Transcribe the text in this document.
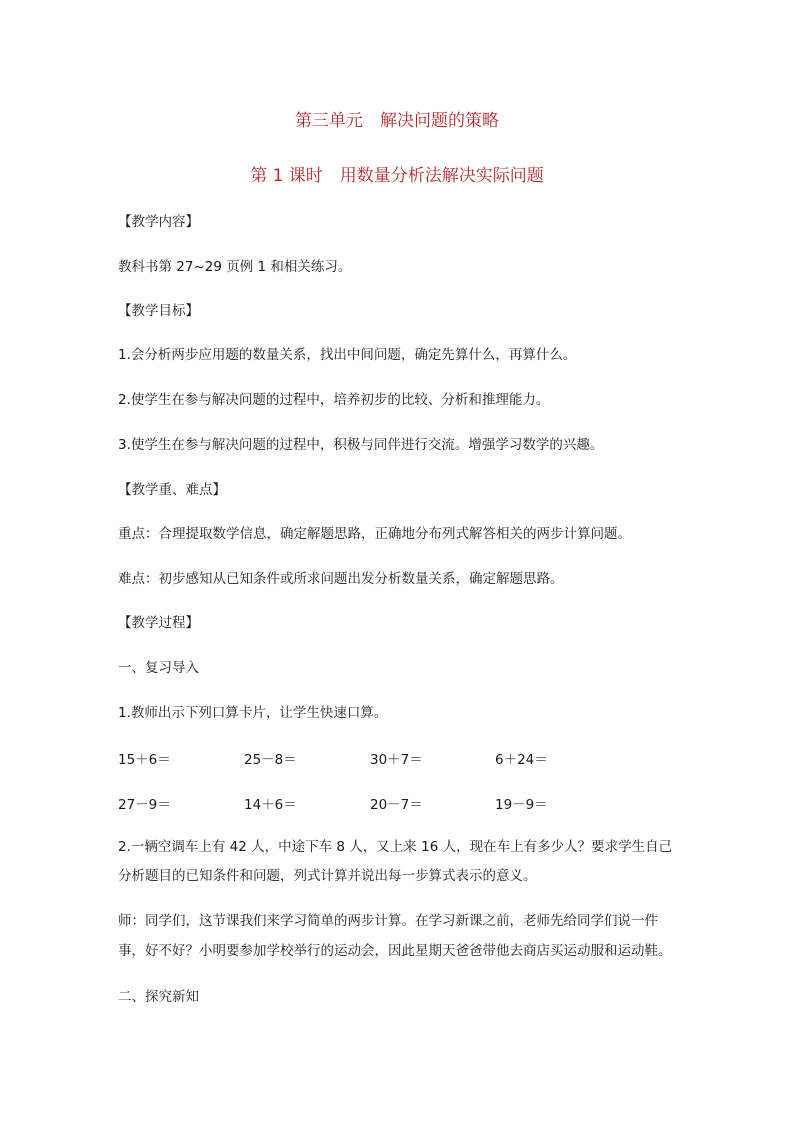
第三单元　解决问题的策略
第 1 课时　用数量分析法解决实际问题
【教学内容】
教科书第 27~29 页例 1 和相关练习。
【教学目标】
1.会分析两步应用题的数量关系，找出中间问题，确定先算什么，再算什么。
2.使学生在参与解决问题的过程中，培养初步的比较、分析和推理能力。
3.使学生在参与解决问题的过程中，积极与同伴进行交流。增强学习数学的兴趣。
【教学重、难点】
重点：合理提取数学信息，确定解题思路，正确地分布列式解答相关的两步计算问题。
难点：初步感知从已知条件或所求问题出发分析数量关系，确定解题思路。
【教学过程】
一、复习导入
1.教师出示下列口算卡片，让学生快速口算。
15＋6＝	25－8＝	30＋7＝	6＋24＝
27－9＝	14＋6＝	20－7＝	19－9＝
2.一辆空调车上有 42 人，中途下车 8 人，又上来 16 人，现在车上有多少人？要求学生自己
分析题目的已知条件和问题，列式计算并说出每一步算式表示的意义。
师：同学们，这节课我们来学习简单的两步计算。在学习新课之前，老师先给同学们说一件
事，好不好？小明要参加学校举行的运动会，因此星期天爸爸带他去商店买运动服和运动鞋。
二、探究新知
